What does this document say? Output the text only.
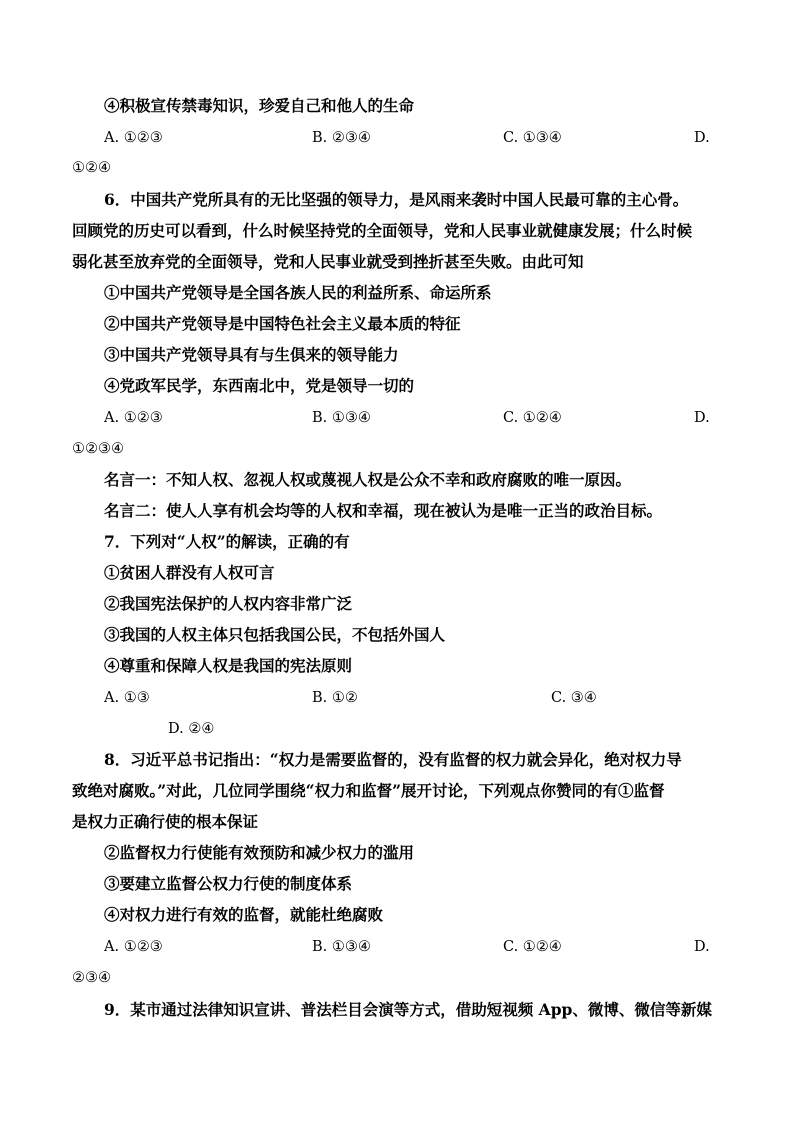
④积极宣传禁毒知识，珍爱自己和他人的生命
A. ①②③	B. ②③④	C. ①③④	D.
①②④
6．中国共产党所具有的无比坚强的领导力，是风雨来袭时中国人民最可靠的主心骨。
回顾党的历史可以看到，什么时候坚持党的全面领导，党和人民事业就健康发展；什么时候
弱化甚至放弃党的全面领导，党和人民事业就受到挫折甚至失败。由此可知
①中国共产党领导是全国各族人民的利益所系、命运所系
②中国共产党领导是中国特色社会主义最本质的特征
③中国共产党领导具有与生俱来的领导能力
④党政军民学，东西南北中，党是领导一切的
A. ①②③	B. ①③④	C. ①②④	D.
①②③④
名言一：不知人权、忽视人权或蔑视人权是公众不幸和政府腐败的唯一原因。
名言二：使人人享有机会均等的人权和幸福，现在被认为是唯一正当的政治目标。
7．下列对“人权”的解读，正确的有
①贫困人群没有人权可言
②我国宪法保护的人权内容非常广泛
③我国的人权主体只包括我国公民，不包括外国人
④尊重和保障人权是我国的宪法原则
A. ①③	B. ①②	C. ③④
D. ②④
8．习近平总书记指出：“权力是需要监督的，没有监督的权力就会异化，绝对权力导
致绝对腐败。”对此，几位同学围绕“权力和监督”展开讨论，下列观点你赞同的有①监督
是权力正确行使的根本保证
②监督权力行使能有效预防和减少权力的滥用
③要建立监督公权力行使的制度体系
④对权力进行有效的监督，就能杜绝腐败
A. ①②③	B. ①③④	C. ①②④	D.
②③④
9．某市通过法律知识宣讲、普法栏目会演等方式，借助短视频 App、微博、微信等新媒
